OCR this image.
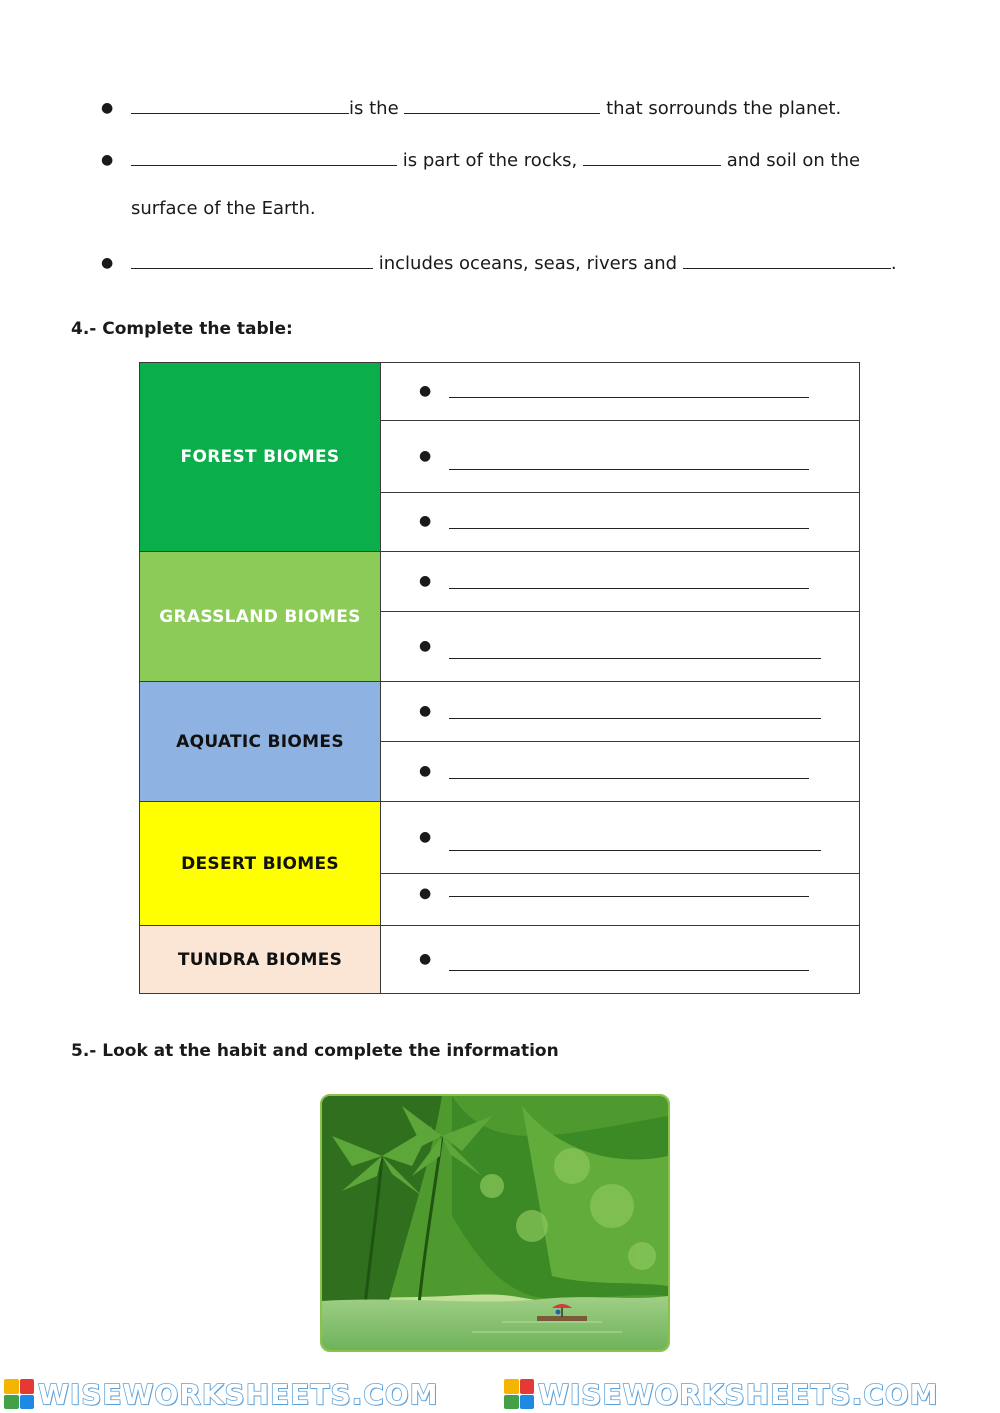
●	is the	that sorrounds the planet.
●	is part of the rocks,	and soil on the
surface of the Earth.
●	includes oceans, seas, rivers and	.
4.- Complete the table:
FOREST BIOMES	●

	●

	●

GRASSLAND BIOMES	●

	●

AQUATIC BIOMES	●

	●

DESERT BIOMES	●

	●

TUNDRA BIOMES	●
5.- Look at the habit and complete the information
WISEWORKSHEETS.COM	WISEWORKSHEETS.COM
